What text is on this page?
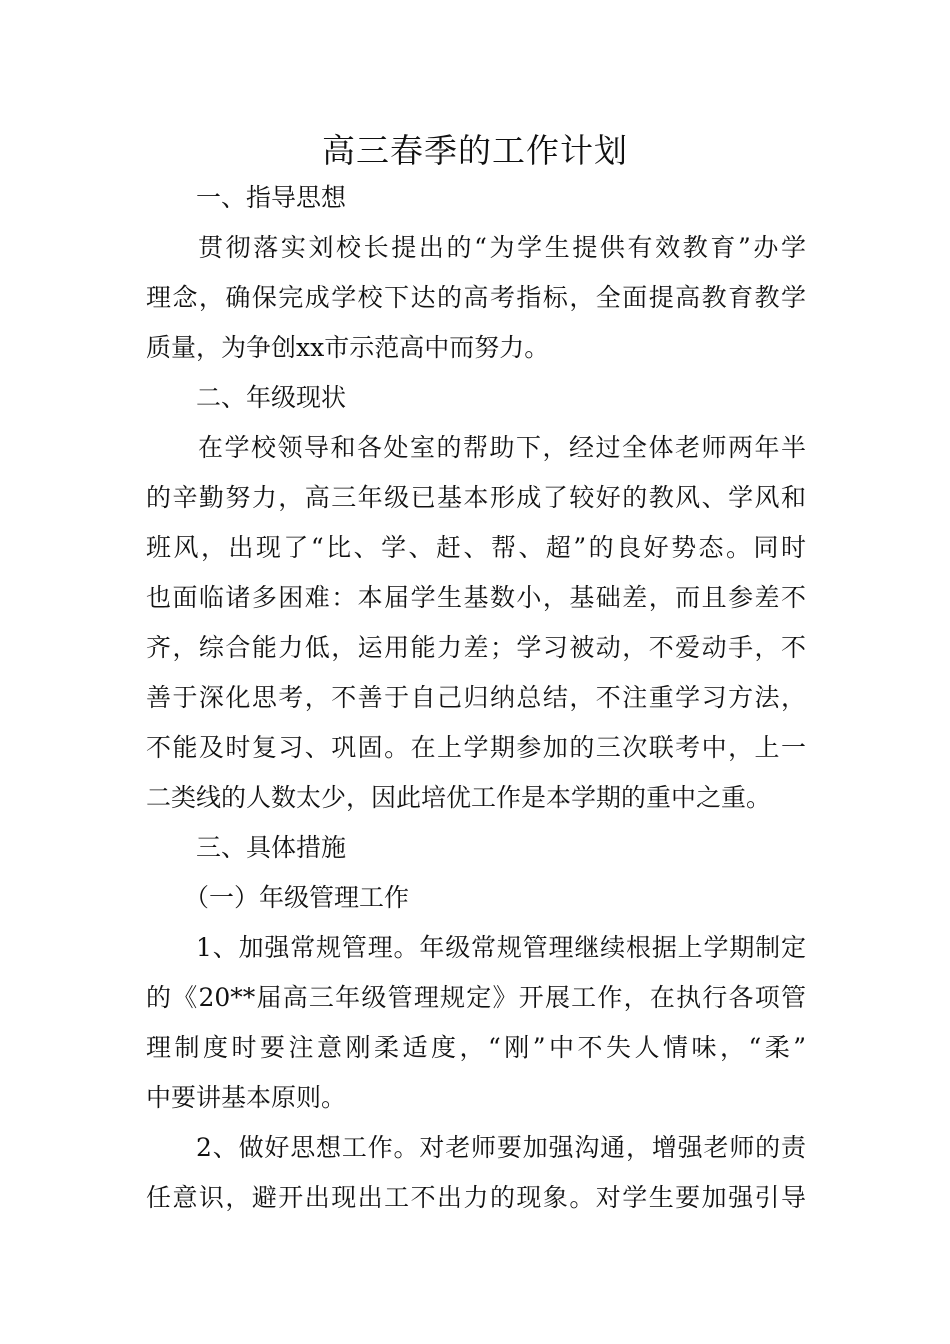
高三春季的工作计划
一、指导思想
贯彻落实刘校长提出的“为学生提供有效教育”办学
理念，确保完成学校下达的高考指标，全面提高教育教学
质量，为争创xx市示范高中而努力。
二、年级现状
在学校领导和各处室的帮助下，经过全体老师两年半
的辛勤努力，高三年级已基本形成了较好的教风、学风和
班风，出现了“比、学、赶、帮、超”的良好势态。同时
也面临诸多困难：本届学生基数小，基础差，而且参差不
齐，综合能力低，运用能力差；学习被动，不爱动手，不
善于深化思考，不善于自己归纳总结，不注重学习方法，
不能及时复习、巩固。在上学期参加的三次联考中，上一
二类线的人数太少，因此培优工作是本学期的重中之重。
三、具体措施
（一）年级管理工作
1、加强常规管理。年级常规管理继续根据上学期制定
的《20**届高三年级管理规定》开展工作，在执行各项管
理制度时要注意刚柔适度，“刚”中不失人情味，“柔”
中要讲基本原则。
2、做好思想工作。对老师要加强沟通，增强老师的责
任意识，避开出现出工不出力的现象。对学生要加强引导
